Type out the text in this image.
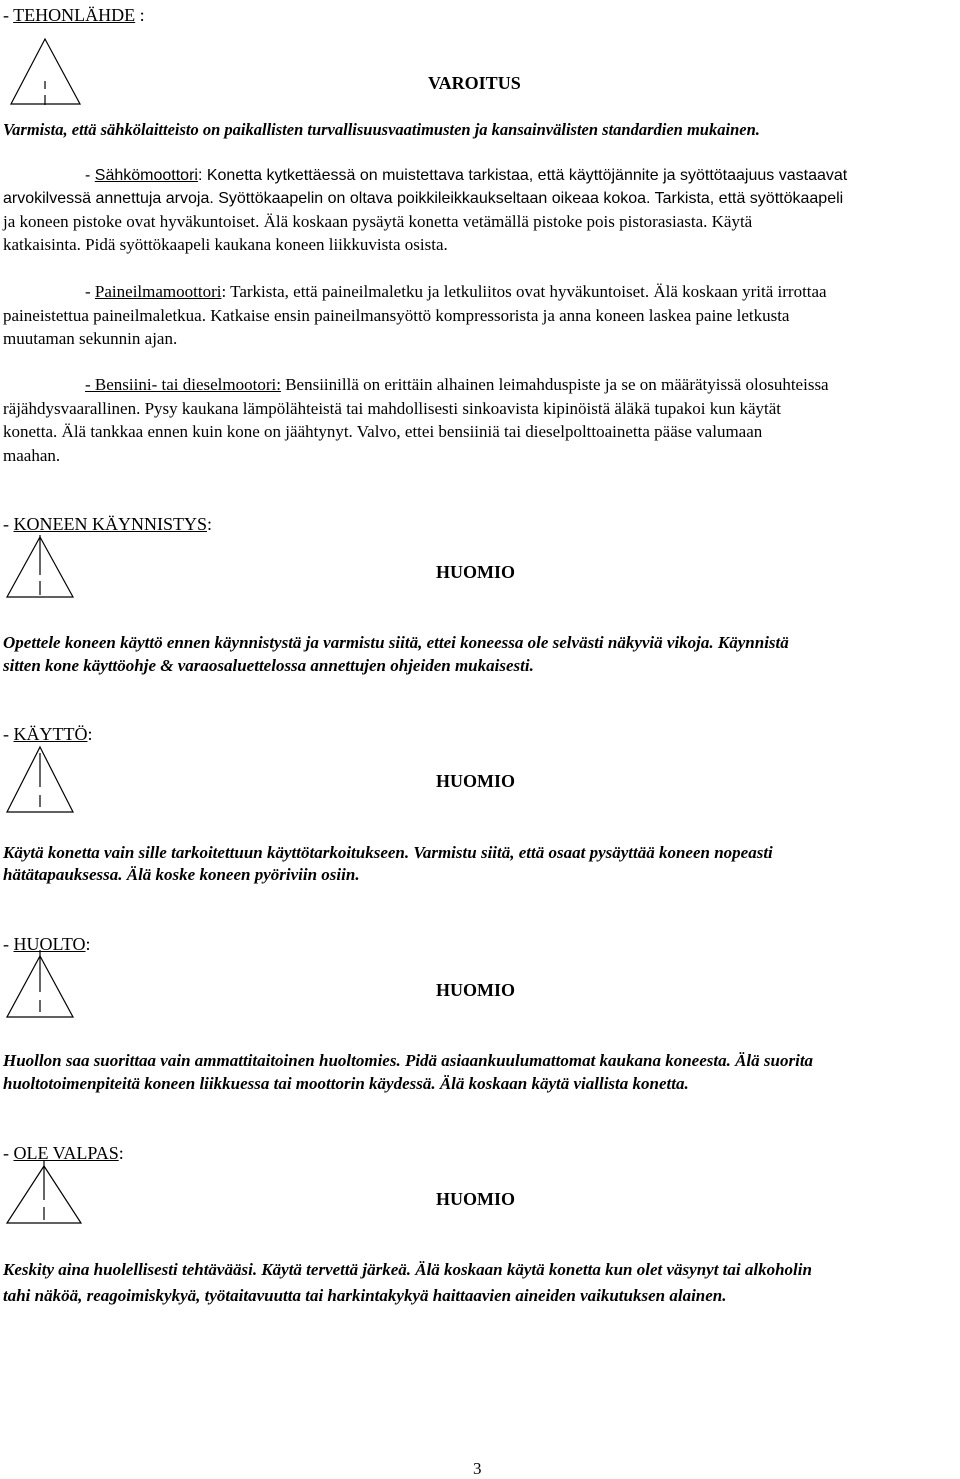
- TEHONLÄHDE :
VAROITUS
Varmista, että sähkölaitteisto on paikallisten turvallisuusvaatimusten ja kansainvälisten standardien mukainen.
- Sähkömoottori: Konetta kytkettäessä on muistettava tarkistaa, että käyttöjännite ja syöttötaajuus vastaavat
arvokilvessä annettuja arvoja. Syöttökaapelin on oltava poikkileikkaukseltaan oikeaa kokoa. Tarkista, että syöttökaapeli
ja koneen pistoke ovat hyväkuntoiset. Älä koskaan pysäytä konetta vetämällä pistoke pois pistorasiasta. Käytä
katkaisinta. Pidä syöttökaapeli kaukana koneen liikkuvista osista.
- Paineilmamoottori: Tarkista, että paineilmaletku ja letkuliitos ovat hyväkuntoiset. Älä koskaan yritä irrottaa
paineistettua paineilmaletkua. Katkaise ensin paineilmansyöttö kompressorista ja anna koneen laskea paine letkusta
muutaman sekunnin ajan.
- Bensiini- tai dieselmootori: Bensiinillä on erittäin alhainen leimahduspiste ja se on määrätyissä olosuhteissa
räjähdysvaarallinen. Pysy kaukana lämpölähteistä tai mahdollisesti sinkoavista kipinöistä äläkä tupakoi kun käytät
konetta. Älä tankkaa ennen kuin kone on jäähtynyt. Valvo, ettei bensiiniä tai dieselpolttoainetta pääse valumaan
maahan.
- KONEEN KÄYNNISTYS:
HUOMIO
Opettele koneen käyttö ennen käynnistystä ja varmistu siitä, ettei koneessa ole selvästi näkyviä vikoja. Käynnistä
sitten kone käyttöohje & varaosaluettelossa annettujen ohjeiden mukaisesti.
- KÄYTTÖ:
HUOMIO
Käytä konetta vain sille tarkoitettuun käyttötarkoitukseen. Varmistu siitä, että osaat pysäyttää koneen nopeasti
hätätapauksessa. Älä koske koneen pyöriviin osiin.
- HUOLTO:
HUOMIO
Huollon saa suorittaa vain ammattitaitoinen huoltomies. Pidä asiaankuulumattomat kaukana koneesta. Älä suorita
huoltotoimenpiteitä koneen liikkuessa tai moottorin käydessä. Älä koskaan käytä viallista konetta.
- OLE VALPAS:
HUOMIO
Keskity aina huolellisesti tehtävääsi. Käytä tervettä järkeä. Älä koskaan käytä konetta kun olet väsynyt tai alkoholin
tahi näköä, reagoimiskykyä, työtaitavuutta tai harkintakykyä haittaavien aineiden vaikutuksen alainen.
3
